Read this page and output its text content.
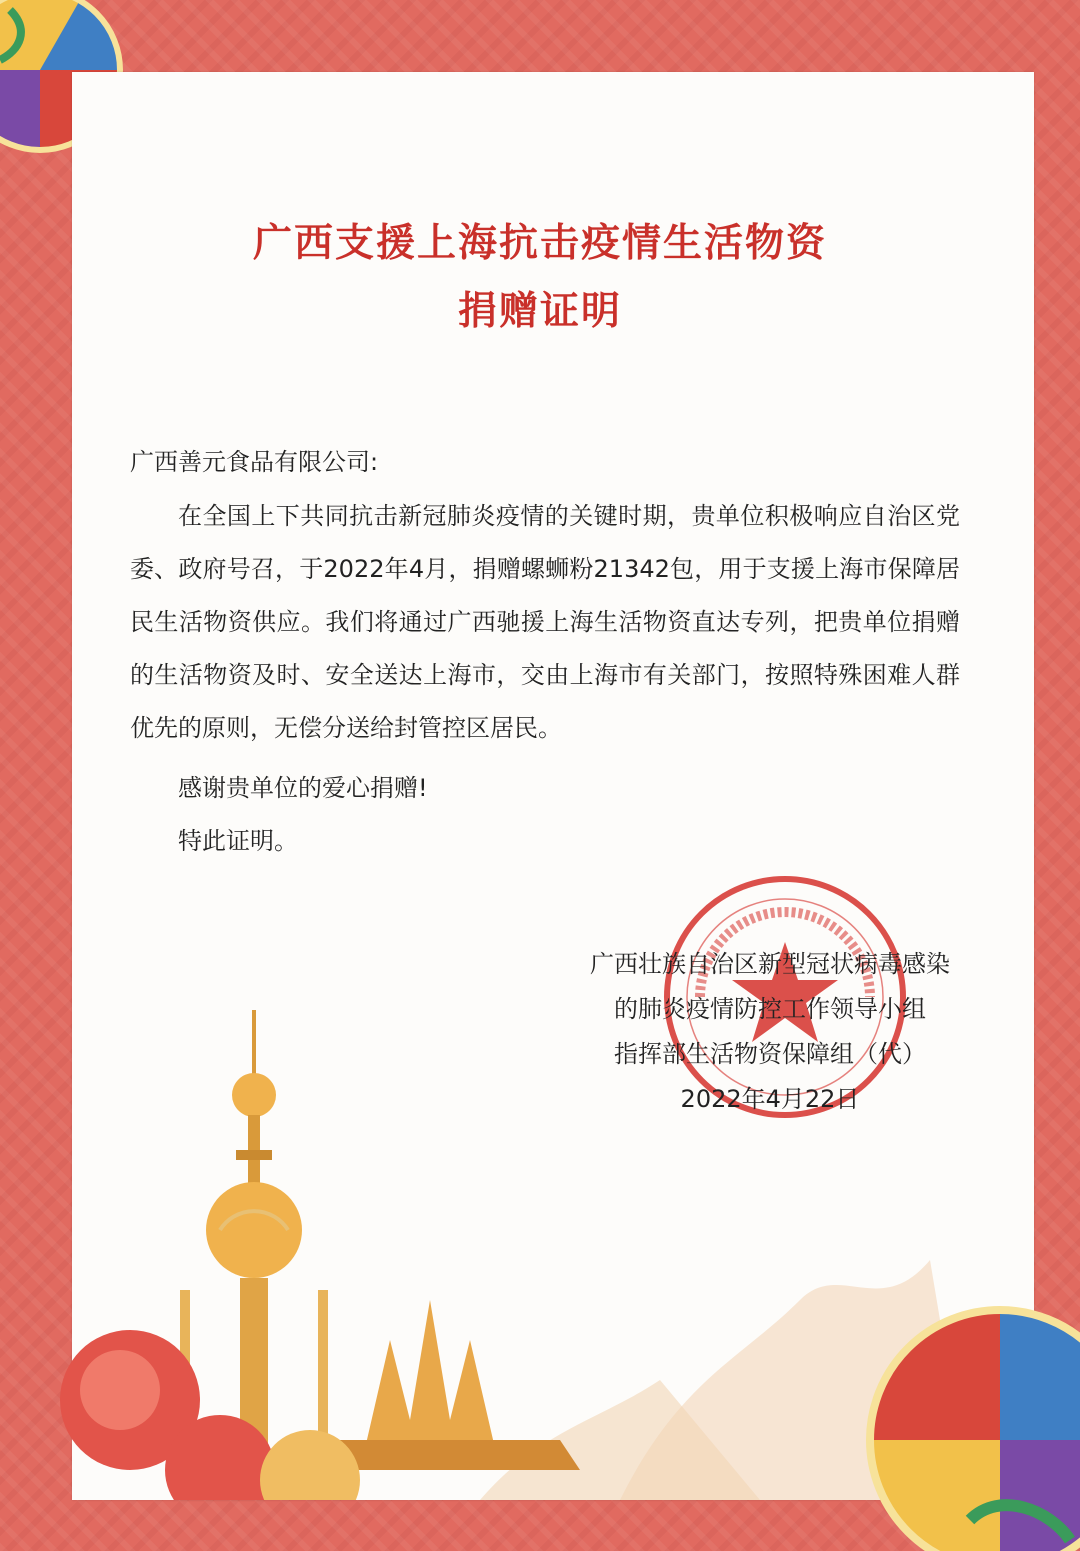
广西支援上海抗击疫情生活物资
捐赠证明
广西善元食品有限公司:
在全国上下共同抗击新冠肺炎疫情的关键时期，贵单位积极响应自治区党委、政府号召，于2022年4月，捐赠螺蛳粉21342包，用于支援上海市保障居民生活物资供应。我们将通过广西驰援上海生活物资直达专列，把贵单位捐赠的生活物资及时、安全送达上海市，交由上海市有关部门，按照特殊困难人群优先的原则，无偿分送给封管控区居民。
感谢贵单位的爱心捐赠!
特此证明。
广西壮族自治区新型冠状病毒感染
的肺炎疫情防控工作领导小组
指挥部生活物资保障组（代）
2022年4月22日
